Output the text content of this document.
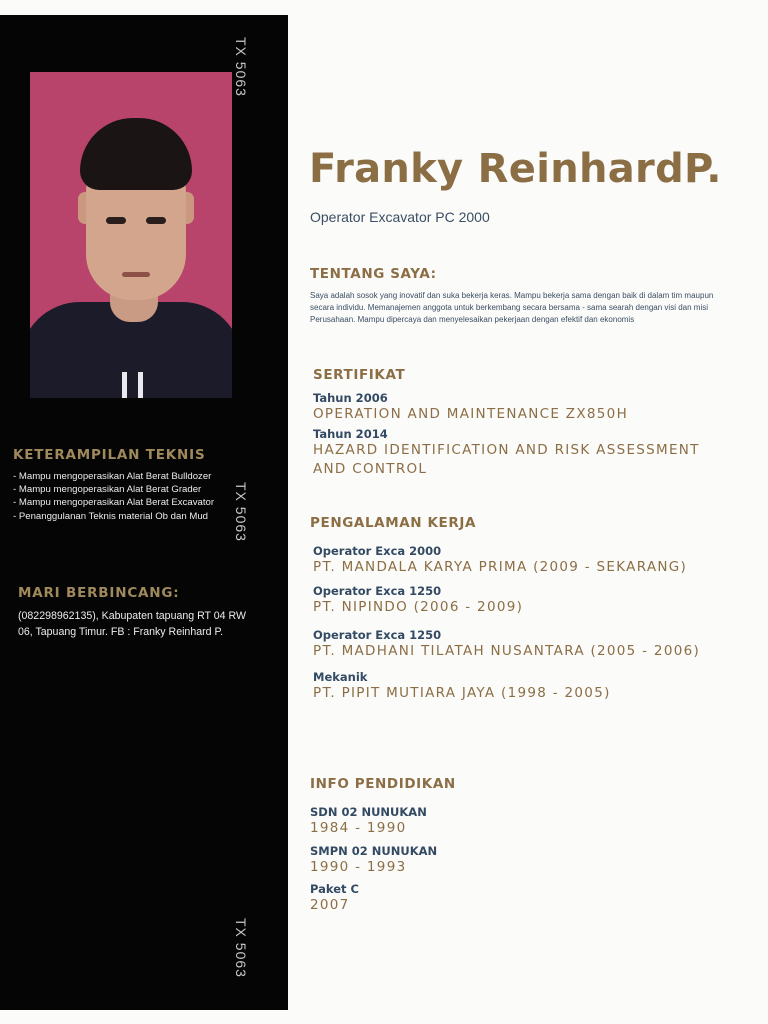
TX 5063
TX 5063
TX 5063
KETERAMPILAN TEKNIS
- Mampu mengoperasikan Alat Berat Bulldozer
- Mampu mengoperasikan Alat Berat Grader
- Mampu mengoperasikan Alat Berat Excavator
- Penanggulanan Teknis material Ob dan Mud
MARI BERBINCANG:
(082298962135), Kabupaten tapuang RT 04 RW 06, Tapuang Timur. FB : Franky Reinhard P.
Franky ReinhardP.
Operator Excavator PC 2000
TENTANG SAYA:
Saya adalah sosok yang inovatif dan suka bekerja keras. Mampu bekerja sama dengan baik di dalam tim maupun secara individu. Memanajemen anggota untuk berkembang secara bersama - sama searah dengan visi dan misi Perusahaan. Mampu dipercaya dan menyelesaikan pekerjaan dengan efektif dan ekonomis
SERTIFIKAT
Tahun 2006
OPERATION AND MAINTENANCE ZX850H
Tahun 2014
HAZARD IDENTIFICATION AND RISK ASSESSMENT AND CONTROL
PENGALAMAN KERJA
Operator Exca 2000
PT. MANDALA KARYA PRIMA (2009 - SEKARANG)
Operator Exca 1250
PT. NIPINDO (2006 - 2009)
Operator Exca 1250
PT. MADHANI TILATAH NUSANTARA (2005 - 2006)
Mekanik
PT. PIPIT MUTIARA JAYA (1998 - 2005)
INFO PENDIDIKAN
SDN 02 NUNUKAN
1984 - 1990
SMPN 02 NUNUKAN
1990 - 1993
Paket C
2007
